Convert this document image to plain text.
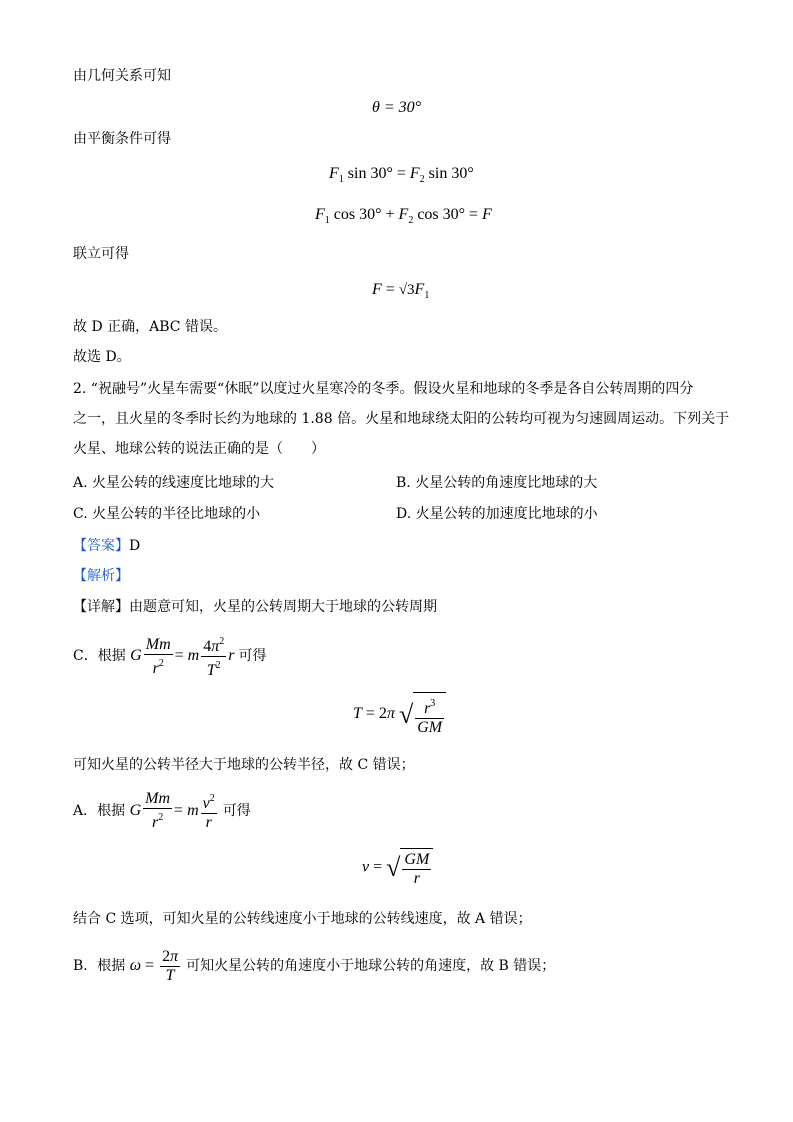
由几何关系可知
θ = 30°
由平衡条件可得
$F_1$ $\sin 30^\circ = F_2$ sin 30°
$F_1$ $\cos 30^\circ + F_2$ cos 30° = F
联立可得
$F = √3F_1$
故 D 正确，ABC 错误。
故选 D。
2. “祝融号”火星车需要“休眠”以度过火星寒冷的冬季。假设火星和地球的冬季是各自公转周期的四分
之一，且火星的冬季时长约为地球的 1.88 倍。火星和地球绕太阳的公转均可视为匀速圆周运动。下列关于
火星、地球公转的说法正确的是（　　）
A. 火星公转的线速度比地球的大	B. 火星公转的角速度比地球的大
C. 火星公转的半径比地球的小	D. 火星公转的加速度比地球的小
【答案】D
【解析】
【详解】由题意可知，火星的公转周期大于地球的公转周期
C．根据 G $\frac{Mm}{r^2} = m \frac{4\pi^2}{T^2}$ r 可得
T = 2π √ $\frac{r^3}{GM}$
可知火星的公转半径大于地球的公转半径，故 C 错误；
A．根据 G $\frac{Mm}{r^2} = m \frac{v^2}{r}$ 可得
v = √ $\frac{GM}{r}$
结合 C 选项，可知火星的公转线速度小于地球的公转线速度，故 A 错误；
B．根据 $\omega = \frac{2\pi}{T}$ 可知火星公转的角速度小于地球公转的角速度，故 B 错误；
